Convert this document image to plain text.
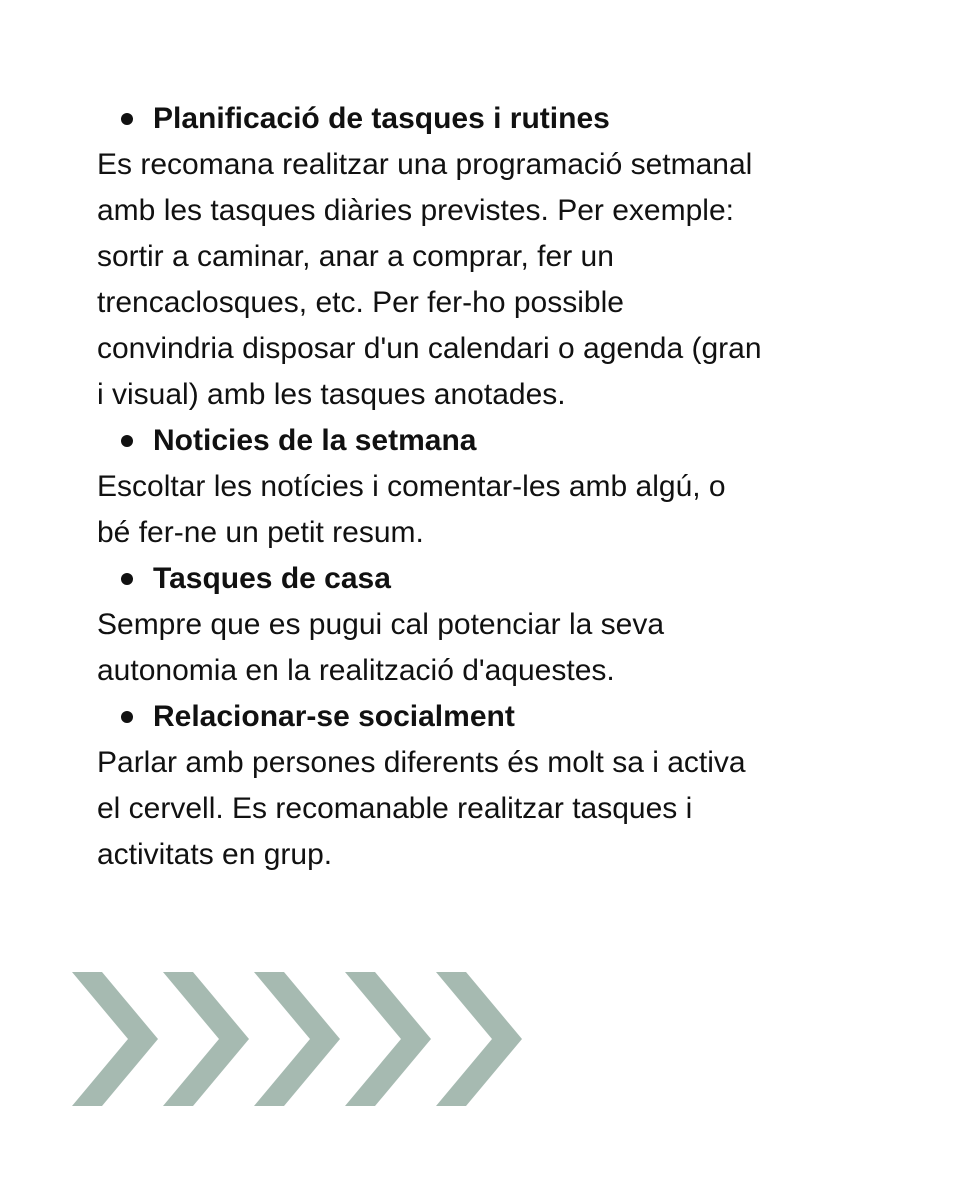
Planificació de tasques i rutines

Es recomana realitzar una programació setmanal

amb les tasques diàries previstes. Per exemple:

sortir a caminar, anar a comprar, fer un

trencaclosques, etc. Per fer-ho possible

convindria disposar d'un calendari o agenda (gran

i visual) amb les tasques anotades.

Noticies de la setmana

Escoltar les notícies i comentar-les amb algú, o

bé fer-ne un petit resum.

Tasques de casa

Sempre que es pugui cal potenciar la seva

autonomia en la realització d'aquestes.

Relacionar-se socialment

Parlar amb persones diferents és molt sa i activa

el cervell. Es recomanable realitzar tasques i

activitats en grup.
